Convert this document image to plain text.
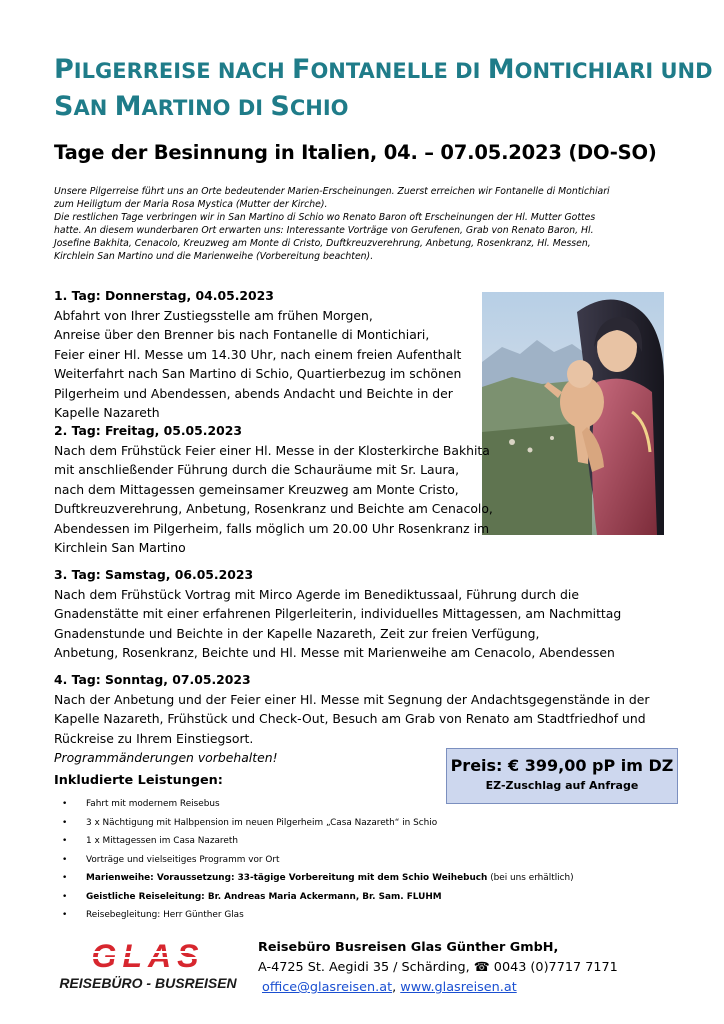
PILGERREISE NACH FONTANELLE DI MONTICHIARI UND
SAN MARTINO DI SCHIO
Tage der Besinnung in Italien, 04. – 07.05.2023 (DO-SO)

Unsere Pilgerreise führt uns an Orte bedeutender Marien-Erscheinungen. Zuerst erreichen wir Fontanelle di Montichiari zum Heiligtum der Maria Rosa Mystica (Mutter der Kirche).

Die restlichen Tage verbringen wir in San Martino di Schio wo Renato Baron oft Erscheinungen der Hl. Mutter Gottes hatte. An diesem wunderbaren Ort erwarten uns: Interessante Vorträge von Gerufenen, Grab von Renato Baron, Hl. Josefine Bakhita, Cenacolo, Kreuzweg am Monte di Cristo, Duftkreuzverehrung, Anbetung, Rosenkranz, Hl. Messen, Kirchlein San Martino und die Marienweihe (Vorbereitung beachten).

1. Tag: Donnerstag, 04.05.2023
Abfahrt von Ihrer Zustiegsstelle am frühen Morgen,
Anreise über den Brenner bis nach Fontanelle di Montichiari,
Feier einer Hl. Messe um 14.30 Uhr, nach einem freien Aufenthalt
Weiterfahrt nach San Martino di Schio, Quartierbezug im schönen
Pilgerheim und Abendessen, abends Andacht und Beichte in der
Kapelle Nazareth
2. Tag: Freitag, 05.05.2023
Nach dem Frühstück Feier einer Hl. Messe in der Klosterkirche Bakhita
mit anschließender Führung durch die Schauräume mit Sr. Laura,
nach dem Mittagessen gemeinsamer Kreuzweg am Monte Cristo,
Duftkreuzverehrung, Anbetung, Rosenkranz und Beichte am Cenacolo,
Abendessen im Pilgerheim, falls möglich um 20.00 Uhr Rosenkranz im
Kirchlein San Martino
3. Tag: Samstag, 06.05.2023
Nach dem Frühstück Vortrag mit Mirco Agerde im Benediktussaal, Führung durch die
Gnadenstätte mit einer erfahrenen Pilgerleiterin, individuelles Mittagessen, am Nachmittag
Gnadenstunde und Beichte in der Kapelle Nazareth, Zeit zur freien Verfügung,
Anbetung, Rosenkranz, Beichte und Hl. Messe mit Marienweihe am Cenacolo, Abendessen
4. Tag: Sonntag, 07.05.2023
Nach der Anbetung und der Feier einer Hl. Messe mit Segnung der Andachtsgegenstände in der
Kapelle Nazareth, Frühstück und Check-Out, Besuch am Grab von Renato am Stadtfriedhof und
Rückreise zu Ihrem Einstiegsort.
Programmänderungen vorbehalten!	Preis: € 399,00 pP im DZ
EZ-Zuschlag auf Anfrage
Inkludierte Leistungen:
• Fahrt mit modernem Reisebus
• 3 x Nächtigung mit Halbpension im neuen Pilgerheim „Casa Nazareth“ in Schio
• 1 x Mittagessen im Casa Nazareth
• Vorträge und vielseitiges Programm vor Ort
• Marienweihe: Voraussetzung: 33-tägige Vorbereitung mit dem Schio Weihebuch (bei uns erhältlich)
• Geistliche Reiseleitung: Br. Andreas Maria Ackermann, Br. Sam. FLUHM
• Reisebegleitung: Herr Günther Glas
GLAS
REISEBÜRO - BUSREISEN
Reisebüro Busreisen Glas Günther GmbH,
A-4725 St. Aegidi 35 / Schärding, ☎ 0043 (0)7717 7171
office@glasreisen.at, www.glasreisen.at
